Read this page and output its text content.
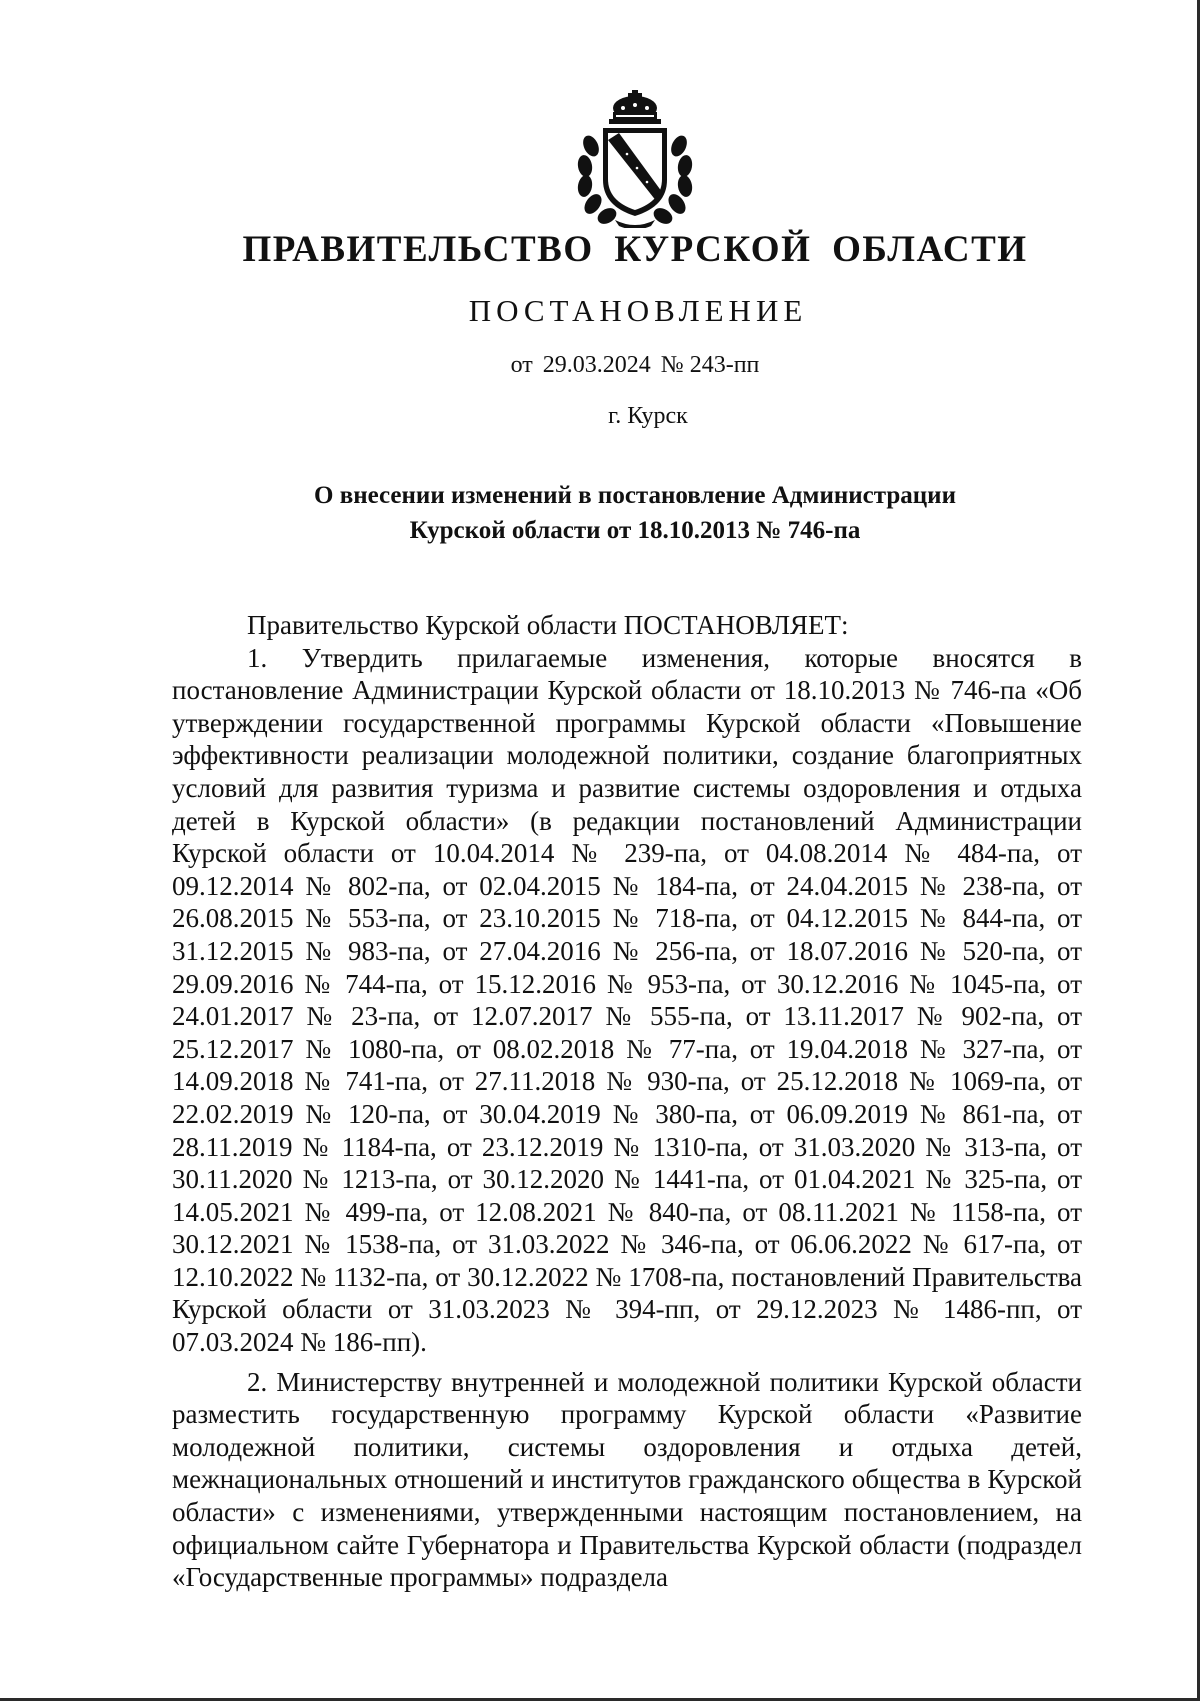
ПРАВИТЕЛЬСТВО КУРСКОЙ ОБЛАСТИ
ПОСТАНОВЛЕНИЕ
от 29.03.2024 № 243-пп
г. Курск
О внесении изменений в постановление Администрации
Курской области от 18.10.2013 № 746-па

Правительство Курской области ПОСТАНОВЛЯЕТ:

1. Утвердить прилагаемые изменения, которые вносятся в постановление Администрации Курской области от 18.10.2013 № 746-па «Об утверждении государственной программы Курской области «Повышение эффективности реализации молодежной политики, создание благоприятных условий для развития туризма и развитие системы оздоровления и отдыха детей в Курской области» (в редакции постановлений Администрации Курской области от 10.04.2014 № 239-па, от 04.08.2014 № 484-па, от 09.12.2014 № 802-па, от 02.04.2015 № 184-па, от 24.04.2015 № 238-па, от 26.08.2015 № 553-па, от 23.10.2015 № 718-па, от 04.12.2015 № 844-па, от 31.12.2015 № 983-па, от 27.04.2016 № 256-па, от 18.07.2016 № 520-па, от 29.09.2016 № 744-па, от 15.12.2016 № 953-па, от 30.12.2016 № 1045-па, от 24.01.2017 № 23-па, от 12.07.2017 № 555-па, от 13.11.2017 № 902-па, от 25.12.2017 № 1080-па, от 08.02.2018 № 77-па, от 19.04.2018 № 327-па, от 14.09.2018 № 741-па, от 27.11.2018 № 930-па, от 25.12.2018 № 1069-па, от 22.02.2019 № 120-па, от 30.04.2019 № 380-па, от 06.09.2019 № 861-па, от 28.11.2019 № 1184-па, от 23.12.2019 № 1310-па, от 31.03.2020 № 313-па, от 30.11.2020 № 1213-па, от 30.12.2020 № 1441-па, от 01.04.2021 № 325-па, от 14.05.2021 № 499-па, от 12.08.2021 № 840-па, от 08.11.2021 № 1158-па, от 30.12.2021 № 1538-па, от 31.03.2022 № 346-па, от 06.06.2022 № 617-па, от 12.10.2022 № 1132-па, от 30.12.2022 № 1708-па, постановлений Правительства Курской области от 31.03.2023 № 394-пп, от 29.12.2023 № 1486-пп, от 07.03.2024 № 186-пп).

2. Министерству внутренней и молодежной политики Курской области разместить государственную программу Курской области «Развитие молодежной политики, системы оздоровления и отдыха детей, межнациональных отношений и институтов гражданского общества в Курской области» с изменениями, утвержденными настоящим постановлением, на официальном сайте Губернатора и Правительства Курской области (подраздел «Государственные программы» подраздела
